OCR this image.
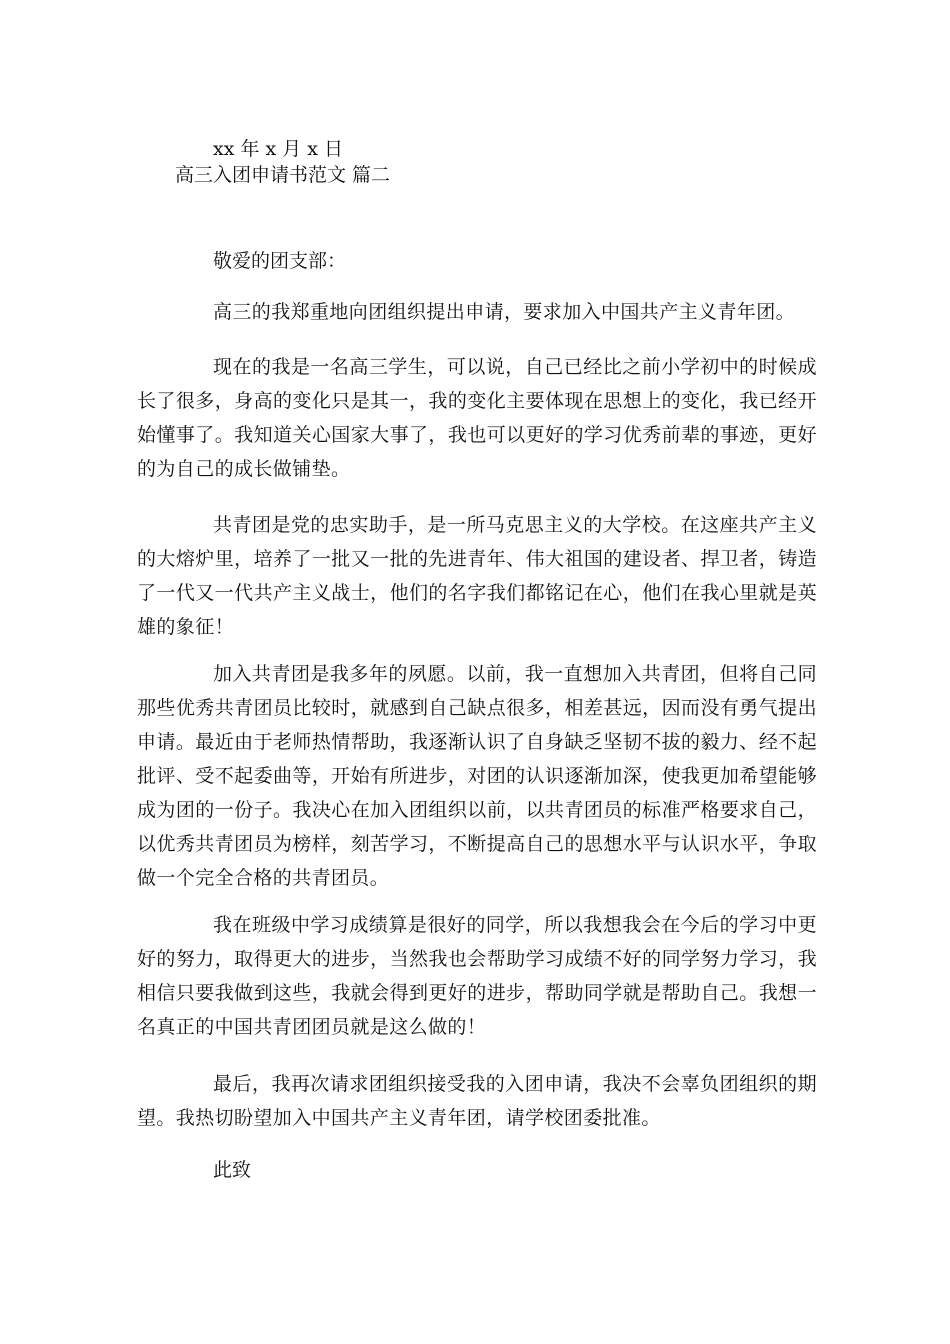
xx 年 x 月 x 日
高三入团申请书范文 篇二
敬爱的团支部：
高三的我郑重地向团组织提出申请，要求加入中国共产主义青年团。
现在的我是一名高三学生，可以说，自己已经比之前小学初中的时候成长了很多，身高的变化只是其一，我的变化主要体现在思想上的变化，我已经开始懂事了。我知道关心国家大事了，我也可以更好的学习优秀前辈的事迹，更好的为自己的成长做铺垫。
共青团是党的忠实助手，是一所马克思主义的大学校。在这座共产主义的大熔炉里，培养了一批又一批的先进青年、伟大祖国的建设者、捍卫者，铸造了一代又一代共产主义战士，他们的名字我们都铭记在心，他们在我心里就是英雄的象征！
加入共青团是我多年的夙愿。以前，我一直想加入共青团，但将自己同那些优秀共青团员比较时，就感到自己缺点很多，相差甚远，因而没有勇气提出申请。最近由于老师热情帮助，我逐渐认识了自身缺乏坚韧不拔的毅力、经不起批评、受不起委曲等，开始有所进步，对团的认识逐渐加深，使我更加希望能够成为团的一份子。我决心在加入团组织以前，以共青团员的标准严格要求自己，以优秀共青团员为榜样，刻苦学习，不断提高自己的思想水平与认识水平，争取做一个完全合格的共青团员。
我在班级中学习成绩算是很好的同学，所以我想我会在今后的学习中更好的努力，取得更大的进步，当然我也会帮助学习成绩不好的同学努力学习，我相信只要我做到这些，我就会得到更好的进步，帮助同学就是帮助自己。我想一名真正的中国共青团团员就是这么做的！
最后，我再次请求团组织接受我的入团申请，我决不会辜负团组织的期望。我热切盼望加入中国共产主义青年团，请学校团委批准。
此致
